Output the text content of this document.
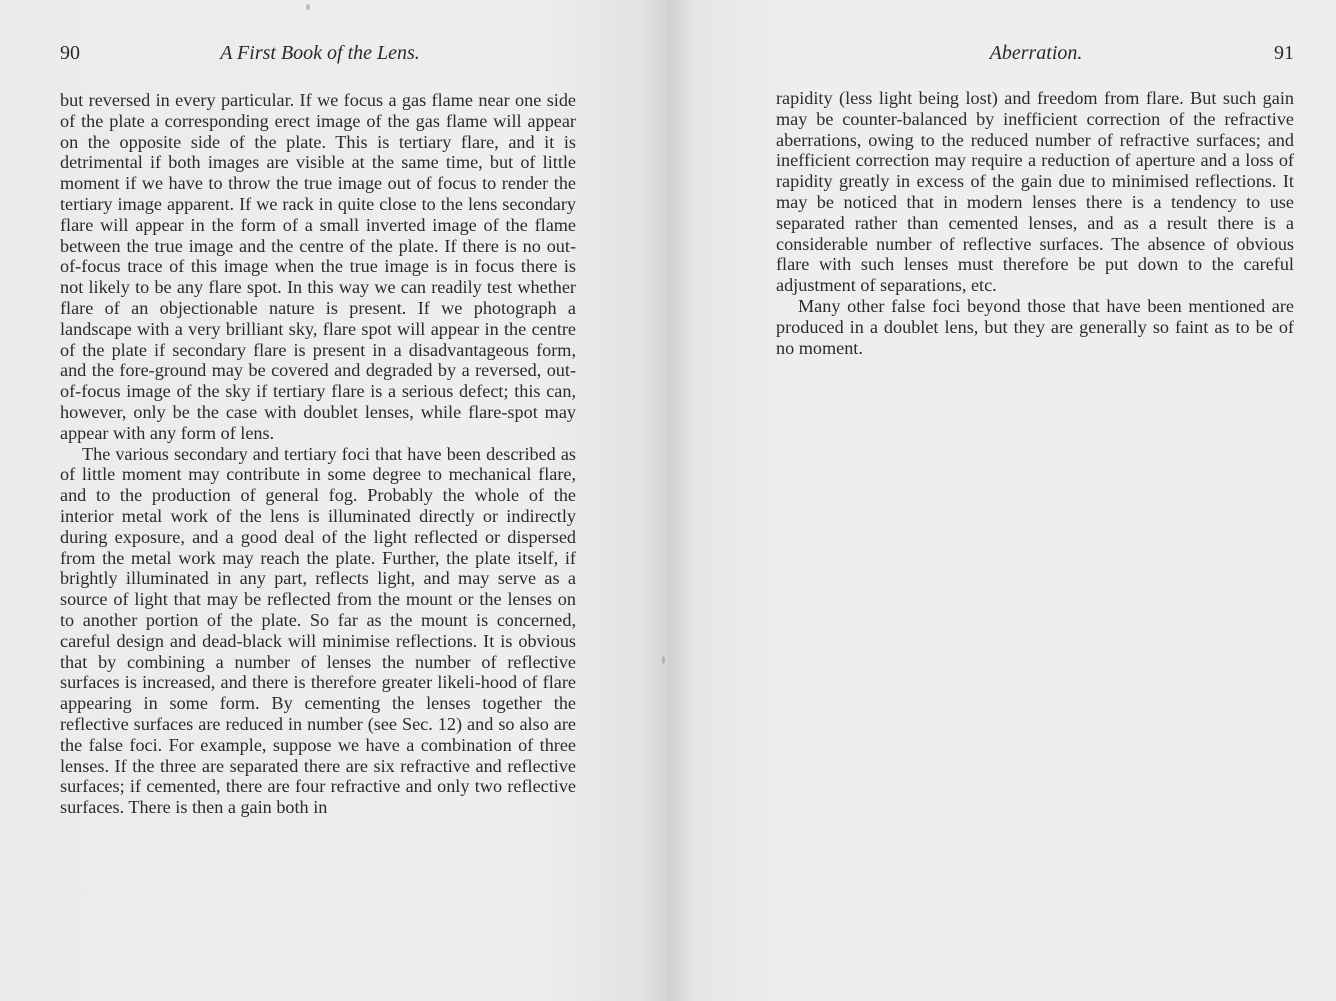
90	A First Book of the Lens.

but reversed in every particular. If we focus a gas flame near one side of the plate a corresponding erect image of the gas flame will appear on the opposite side of the plate. This is tertiary flare, and it is detrimental if both images are visible at the same time, but of little moment if we have to throw the true image out of focus to render the tertiary image apparent. If we rack in quite close to the lens secondary flare will appear in the form of a small inverted image of the flame between the true image and the centre of the plate. If there is no out-of-focus trace of this image when the true image is in focus there is not likely to be any flare spot. In this way we can readily test whether flare of an objectionable nature is present. If we photograph a landscape with a very brilliant sky, flare spot will appear in the centre of the plate if secondary flare is present in a disadvantageous form, and the fore-ground may be covered and degraded by a reversed, out-of-focus image of the sky if tertiary flare is a serious defect; this can, however, only be the case with doublet lenses, while flare-spot may appear with any form of lens.

The various secondary and tertiary foci that have been described as of little moment may contribute in some degree to mechanical flare, and to the production of general fog. Probably the whole of the interior metal work of the lens is illuminated directly or indirectly during exposure, and a good deal of the light reflected or dispersed from the metal work may reach the plate. Further, the plate itself, if brightly illuminated in any part, reflects light, and may serve as a source of light that may be reflected from the mount or the lenses on to another portion of the plate. So far as the mount is concerned, careful design and dead-black will minimise reflections. It is obvious that by combining a number of lenses the number of reflective surfaces is increased, and there is therefore greater likeli-hood of flare appearing in some form. By cementing the lenses together the reflective surfaces are reduced in number (see Sec. 12) and so also are the false foci. For example, suppose we have a combination of three lenses. If the three are separated there are six refractive and reflective surfaces; if cemented, there are four refractive and only two reflective surfaces. There is then a gain both in

Aberration.	91

rapidity (less light being lost) and freedom from flare. But such gain may be counter-balanced by inefficient correction of the refractive aberrations, owing to the reduced number of refractive surfaces; and inefficient correction may require a reduction of aperture and a loss of rapidity greatly in excess of the gain due to minimised reflections. It may be noticed that in modern lenses there is a tendency to use separated rather than cemented lenses, and as a result there is a considerable number of reflective surfaces. The absence of obvious flare with such lenses must therefore be put down to the careful adjustment of separations, etc.

Many other false foci beyond those that have been mentioned are produced in a doublet lens, but they are generally so faint as to be of no moment.
